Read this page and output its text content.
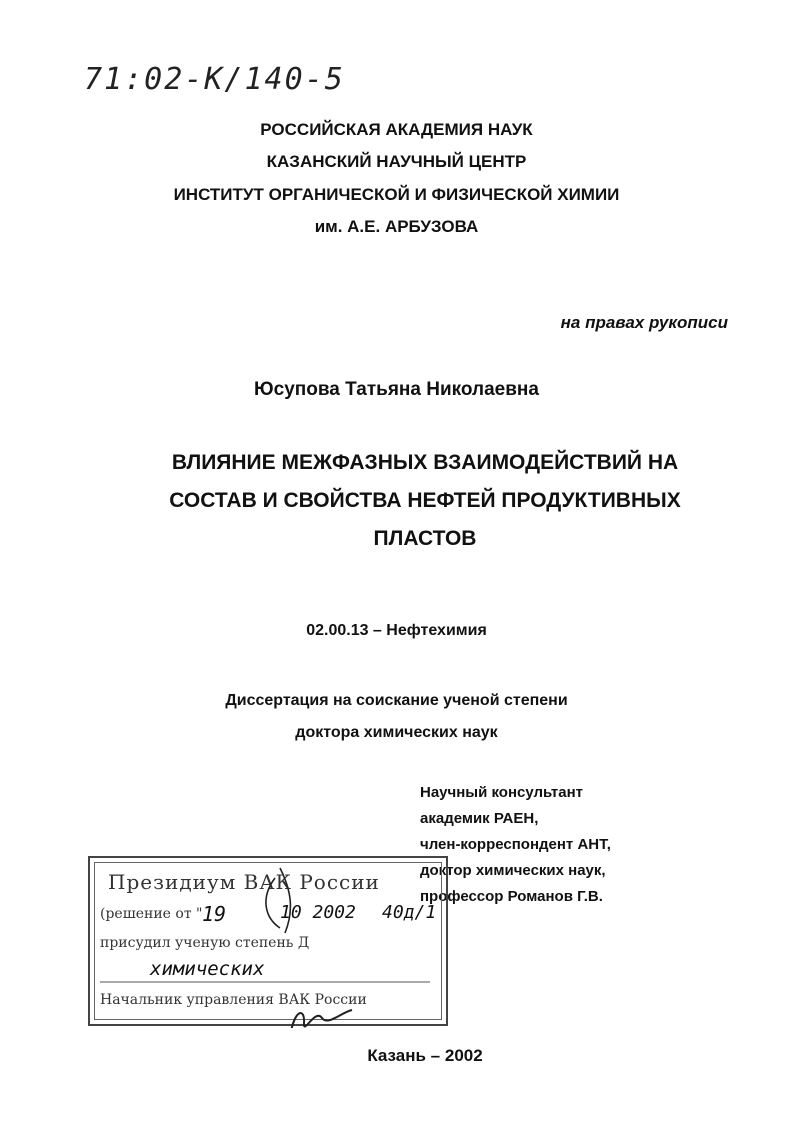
71:02-К/140-5
РОССИЙСКАЯ АКАДЕМИЯ НАУК
КАЗАНСКИЙ НАУЧНЫЙ ЦЕНТР
ИНСТИТУТ ОРГАНИЧЕСКОЙ И ФИЗИЧЕСКОЙ ХИМИИ
им. А.Е. АРБУЗОВА
на правах рукописи
Юсупова Татьяна Николаевна
ВЛИЯНИЕ МЕЖФАЗНЫХ ВЗАИМОДЕЙСТВИЙ НА СОСТАВ И СВОЙСТВА НЕФТЕЙ ПРОДУКТИВНЫХ ПЛАСТОВ
02.00.13 – Нефтехимия
Диссертация на соискание ученой степени
доктора химических наук
Научный консультант
академик РАЕН,
член-корреспондент АНТ,
доктор химических наук,
профессор Романов Г.В.
Президиум ВАК России
(решение от " 19	10 2002 40д/1
присудил ученую степень Д
химических
Начальник управления ВАК России
Казань – 2002
